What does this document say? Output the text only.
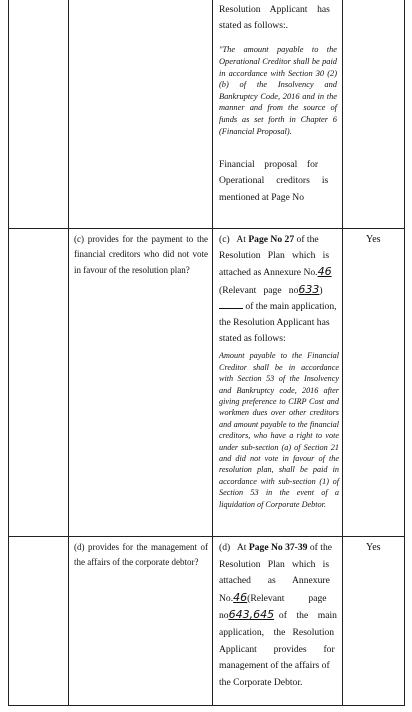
Resolution    Applicant    has
stated as follows:.
"The amount payable to the Operational Creditor shall be paid in accordance with Section 30 (2) (b) of the Insolvency and Bankruptcy Code, 2016 and in the manner and from the source of funds as set forth in Chapter 6 (Financial Proposal).
Financial    proposal    for
Operational     creditors     is
mentioned at Page No
(c) provides for the payment to the financial creditors who did not vote in favour of the resolution plan?
(c)   At Page No 27 of the
Resolution   Plan   which   is
attached as Annexure No.46
(Relevant   page   no633)
of the main application,
the Resolution Applicant has
stated as follows:
Amount payable to the Financial Creditor shall be in accordance with Section 53 of the Insolvency and Bankruptcy code, 2016 after giving preference to CIRP Cost and workmen dues over other creditors and amount payable to the financial creditors, who have a right to vote under sub-section (a) of Section 21 and did not vote in favour of the resolution plan, shall be paid in accordance with sub-section (1) of Section 53 in the event of a liquidation of Corporate Debtor.
Yes
(d) provides for the management of the affairs of the corporate debtor?
(d)   At Page No 37-39 of the
Resolution   Plan   which   is
attached       as       Annexure
No.46(Relevant          page
no643,645  of    the    main
application,    the   Resolution
Applicant       provides       for
management of the affairs of
the Corporate Debtor.
Yes
